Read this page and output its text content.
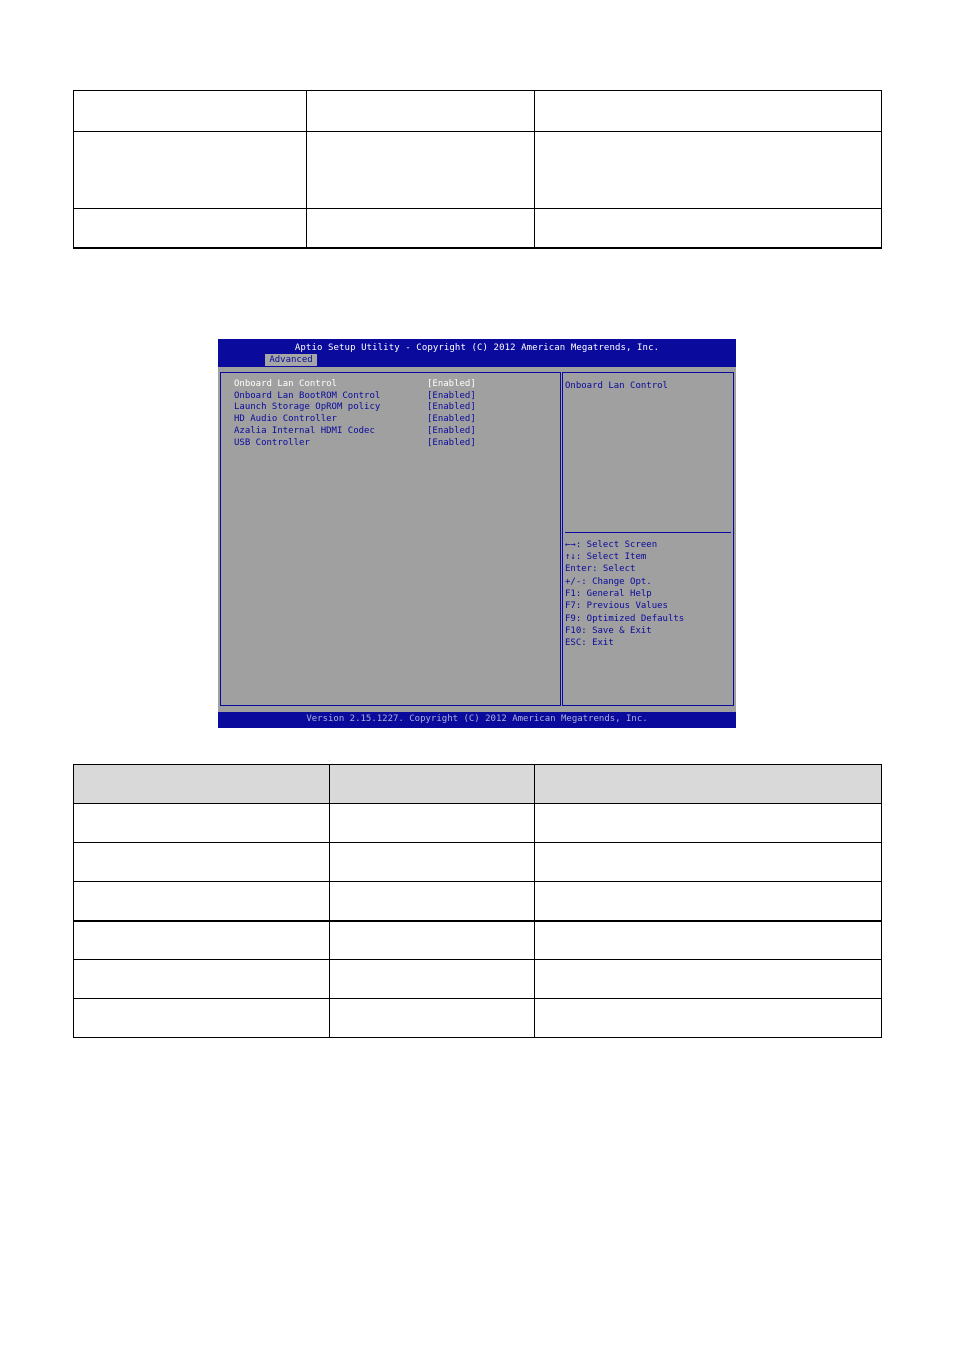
Aptio Setup Utility - Copyright (C) 2012 American Megatrends, Inc.
Advanced
Onboard Lan Control	[Enabled]
Onboard Lan BootROM Control	[Enabled]
Launch Storage OpROM policy	[Enabled]
HD Audio Controller	[Enabled]
Azalia Internal HDMI Codec	[Enabled]
USB Controller	[Enabled]
Onboard Lan Control
←→: Select Screen
↑↓: Select Item
Enter: Select
+/-: Change Opt.
F1: General Help
F7: Previous Values
F9: Optimized Defaults
F10: Save & Exit
ESC: Exit
Version 2.15.1227. Copyright (C) 2012 American Megatrends, Inc.
